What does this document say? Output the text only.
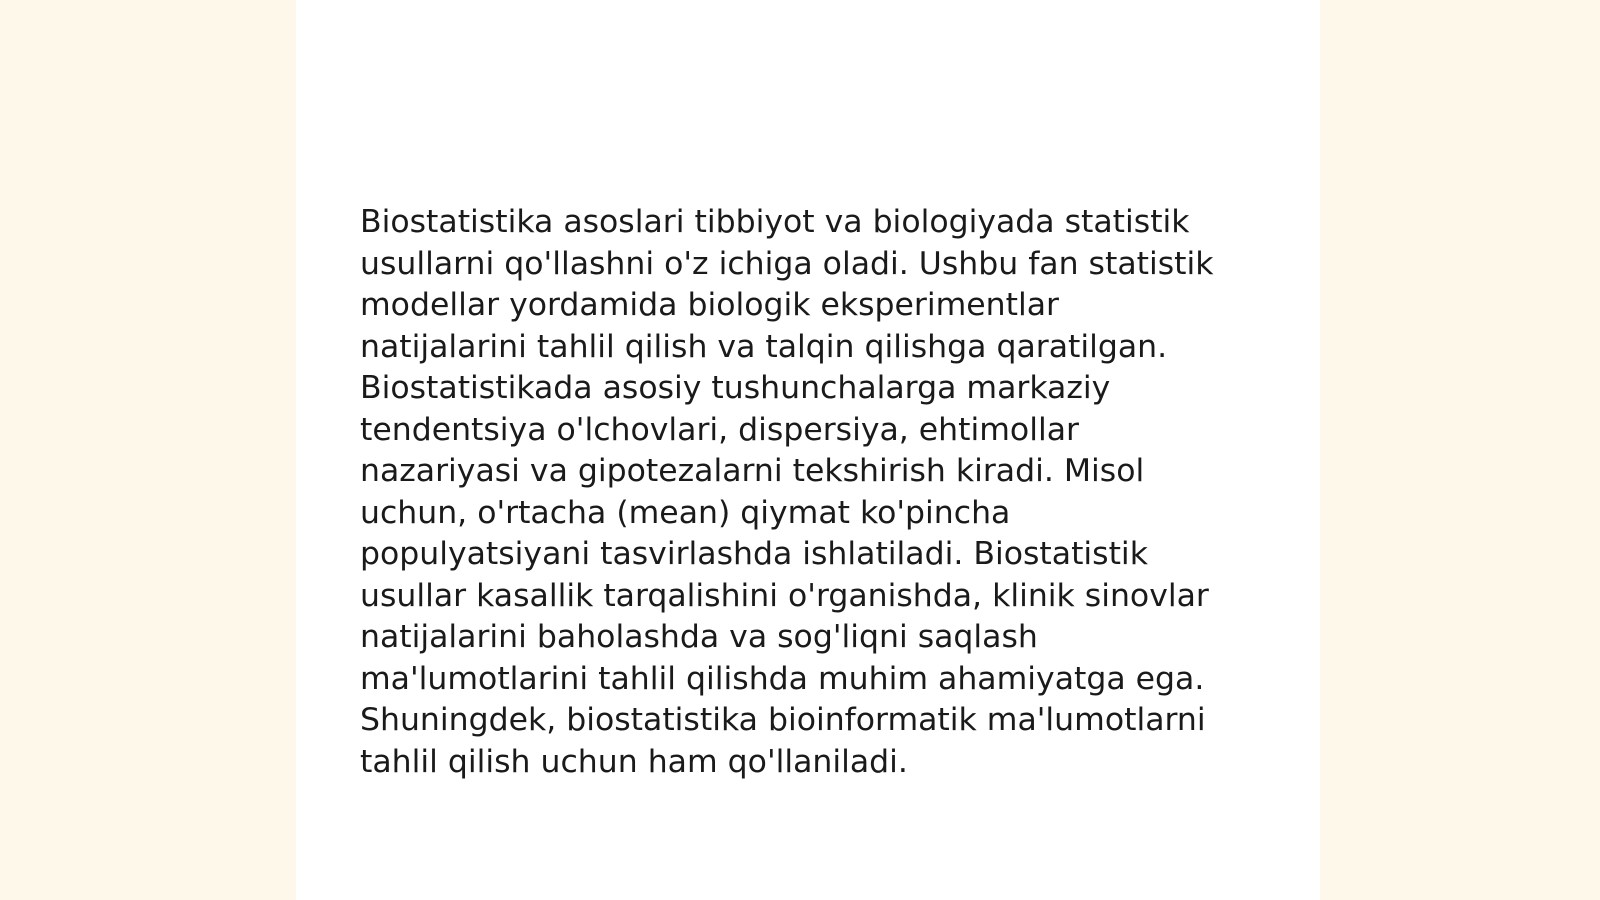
Biostatistika asoslari tibbiyot va biologiyada statistik
usullarni qo'llashni o'z ichiga oladi. Ushbu fan statistik
modellar yordamida biologik eksperimentlar
natijalarini tahlil qilish va talqin qilishga qaratilgan.
Biostatistikada asosiy tushunchalarga markaziy
tendentsiya o'lchovlari, dispersiya, ehtimollar
nazariyasi va gipotezalarni tekshirish kiradi. Misol
uchun, o'rtacha (mean) qiymat ko'pincha
populyatsiyani tasvirlashda ishlatiladi. Biostatistik
usullar kasallik tarqalishini o'rganishda, klinik sinovlar
natijalarini baholashda va sog'liqni saqlash
ma'lumotlarini tahlil qilishda muhim ahamiyatga ega.
Shuningdek, biostatistika bioinformatik ma'lumotlarni
tahlil qilish uchun ham qo'llaniladi.
